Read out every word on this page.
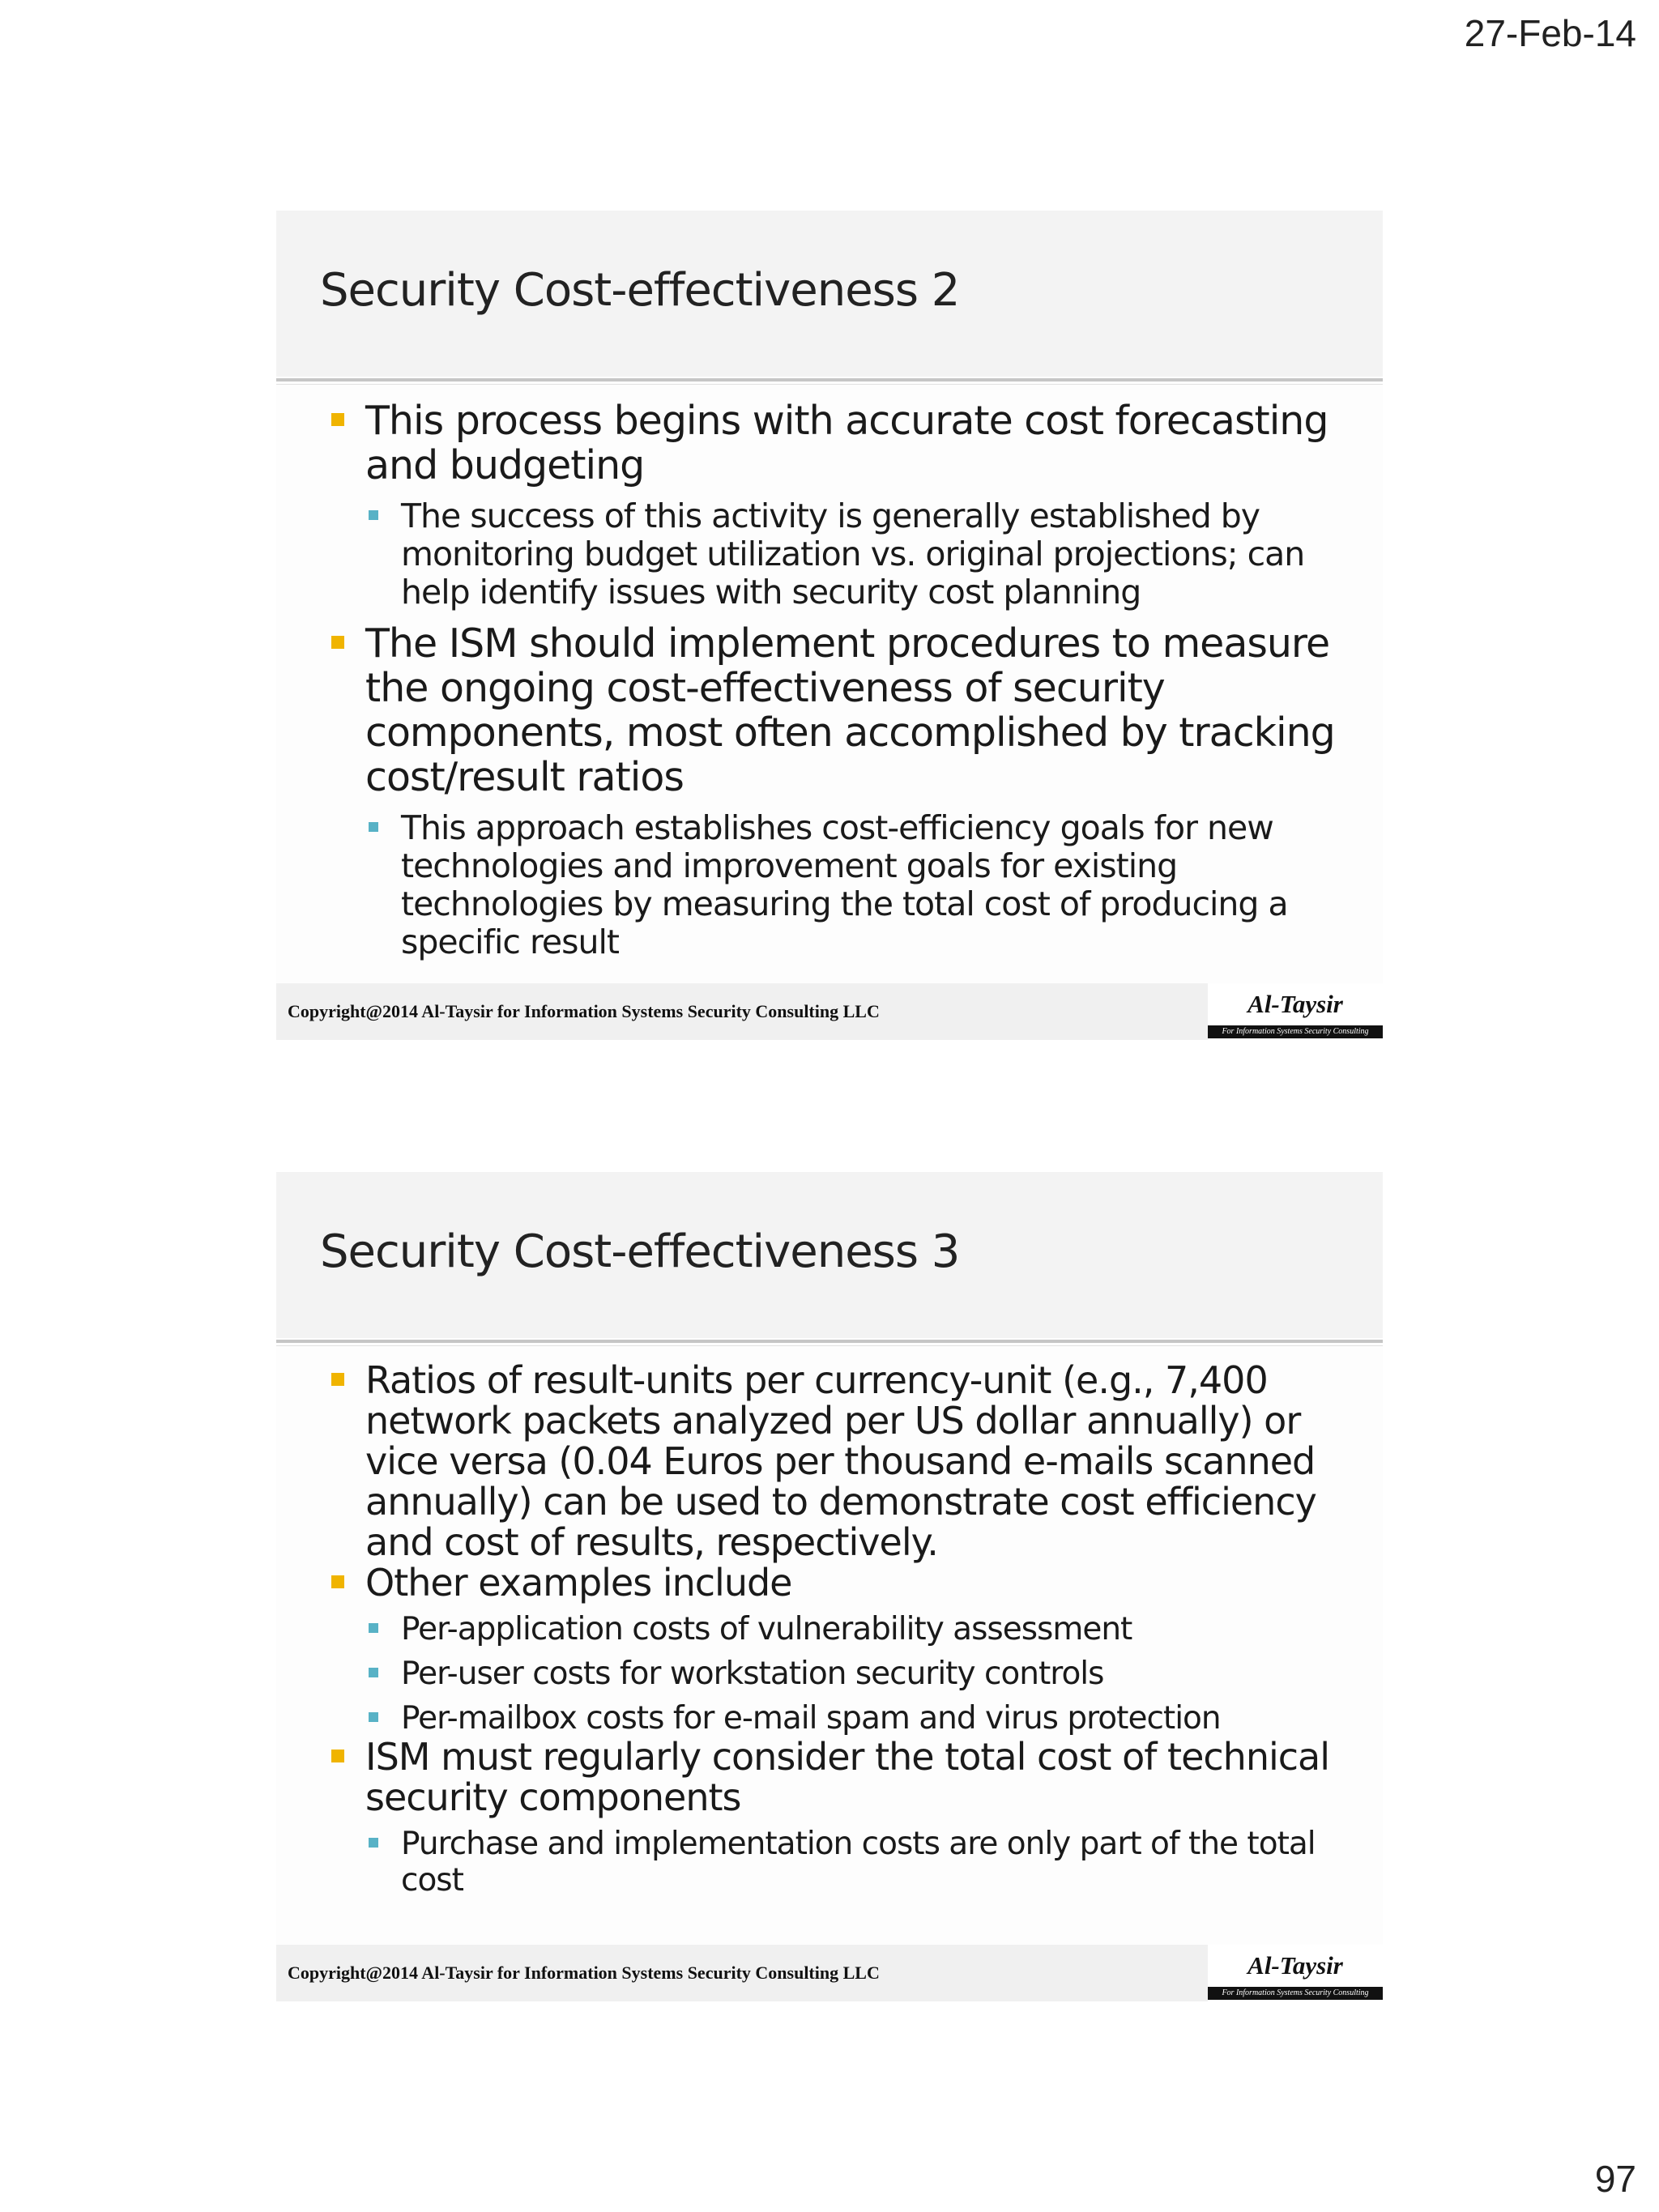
27-Feb-14
Security Cost-effectiveness 2
This process begins with accurate cost forecasting and budgeting
The success of this activity is generally established by monitoring budget utilization vs. original projections; can help identify issues with security cost planning
The ISM should implement procedures to measure the ongoing cost-effectiveness of security components, most often accomplished by tracking cost/result ratios
This approach establishes cost-efficiency goals for new technologies and improvement goals for existing technologies by measuring the total cost of producing a specific result
Copyright@2014 Al-Taysir for Information Systems Security Consulting LLC	Al-Taysir
For Information Systems Security Consulting
Security Cost-effectiveness 3
Ratios of result-units per currency-unit (e.g., 7,400 network packets analyzed per US dollar annually) or vice versa (0.04 Euros per thousand e-mails scanned annually) can be used to demonstrate cost efficiency and cost of results, respectively.
Other examples include
Per-application costs of vulnerability assessment
Per-user costs for workstation security controls
Per-mailbox costs for e-mail spam and virus protection
ISM must regularly consider the total cost of technical security components
Purchase and implementation costs are only part of the total cost
Copyright@2014 Al-Taysir for Information Systems Security Consulting LLC	Al-Taysir
For Information Systems Security Consulting
97
